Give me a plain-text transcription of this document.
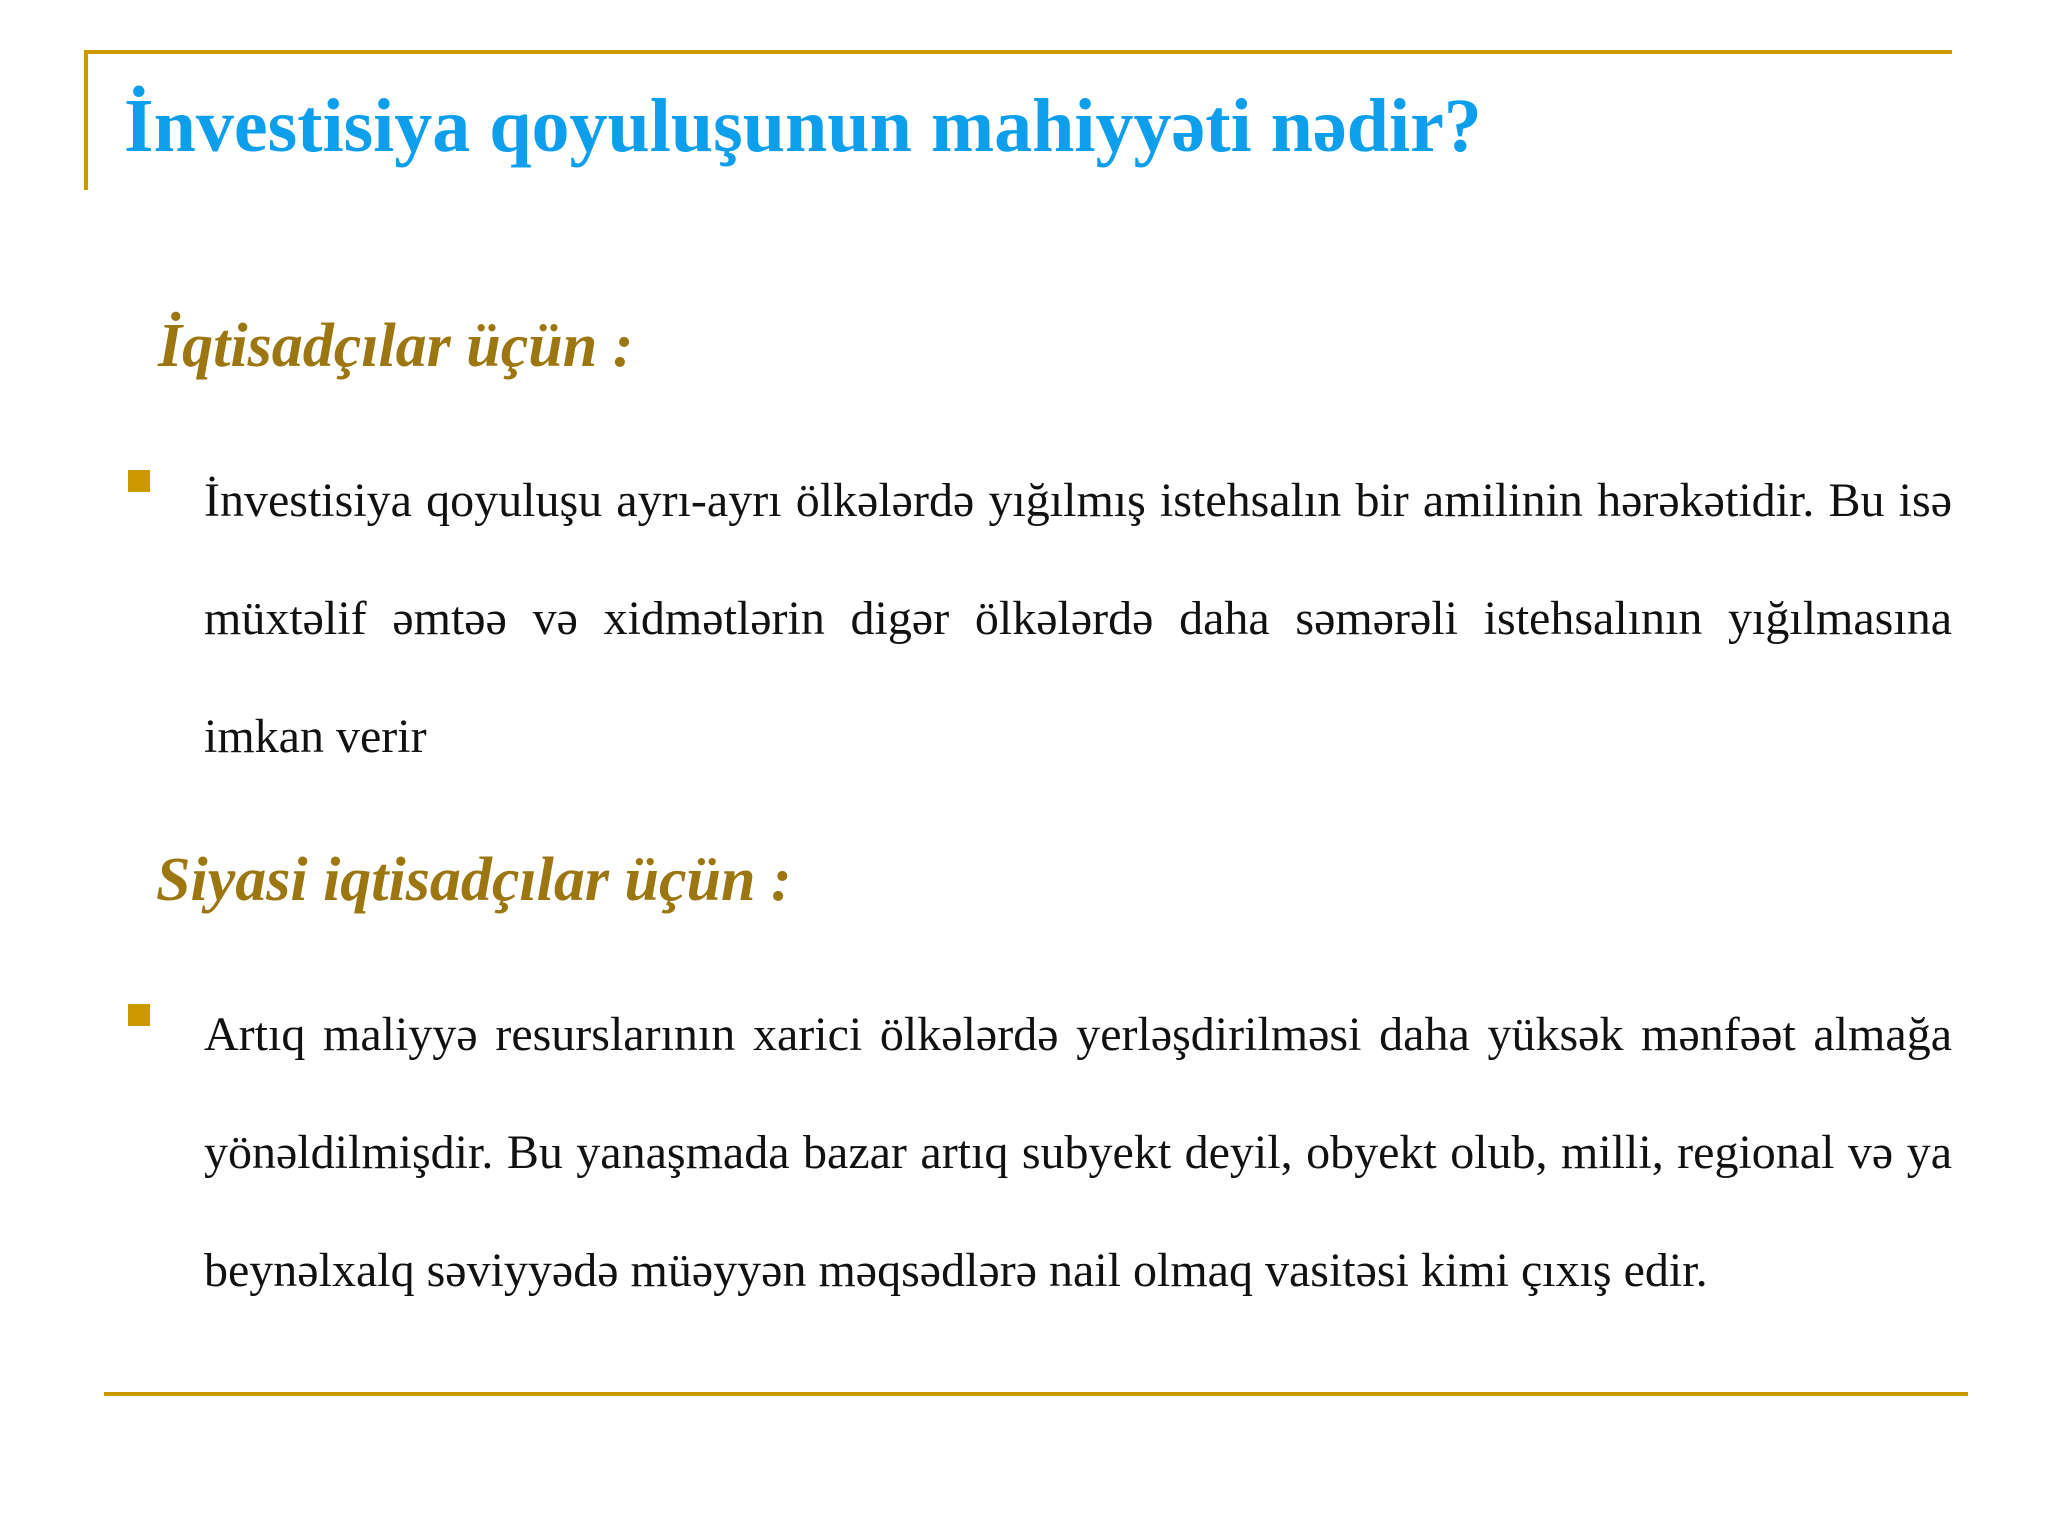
İnvestisiya qoyuluşunun mahiyyəti nədir?
İqtisadçılar üçün :

İnvestisiya qoyuluşu ayrı-ayrı ölkələrdə yığılmış istehsalın bir amilinin hərəkətidir. Bu isə müxtəlif əmtəə və xidmətlərin digər ölkələrdə daha səmərəli istehsalının yığılmasına imkan verir

Siyasi iqtisadçılar üçün :

Artıq maliyyə resurslarının xarici ölkələrdə yerləşdirilməsi daha yüksək mənfəət almağa yönəldilmişdir. Bu yanaşmada bazar artıq subyekt deyil, obyekt olub, milli, regional və ya beynəlxalq səviyyədə müəyyən məqsədlərə nail olmaq vasitəsi kimi çıxış edir.
